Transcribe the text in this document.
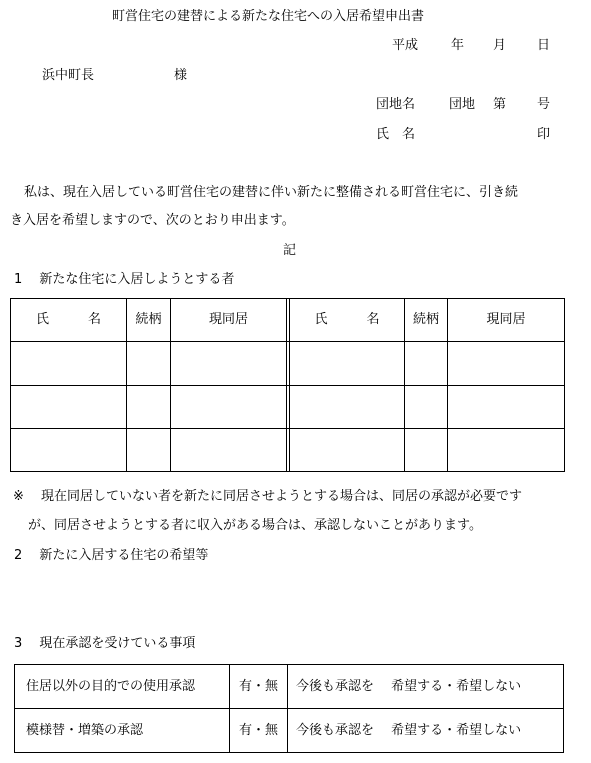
町営住宅の建替による新たな住宅への入居希望申出書
平成	年 月 日
浜中町長	様
団地名	団地 第 号
氏　名	印
私は、現在入居している町営住宅の建替に伴い新たに整備される町営住宅に、引き続
き入居を希望しますので、次のとおり申出ます。
記
1　 新たな住宅に入居しようとする者
氏　　　名	続柄	現同居	氏　　　名	続柄	現同居
※　 現在同居していない者を新たに同居させようとする場合は、同居の承認が必要です
が、同居させようとする者に収入がある場合は、承認しないことがあります。
2　 新たに入居する住宅の希望等
3　 現在承認を受けている事項
住居以外の目的での使用承認	有・無	今後も承認を　 希望する・希望しない
模様替・増築の承認	有・無	今後も承認を　 希望する・希望しない
